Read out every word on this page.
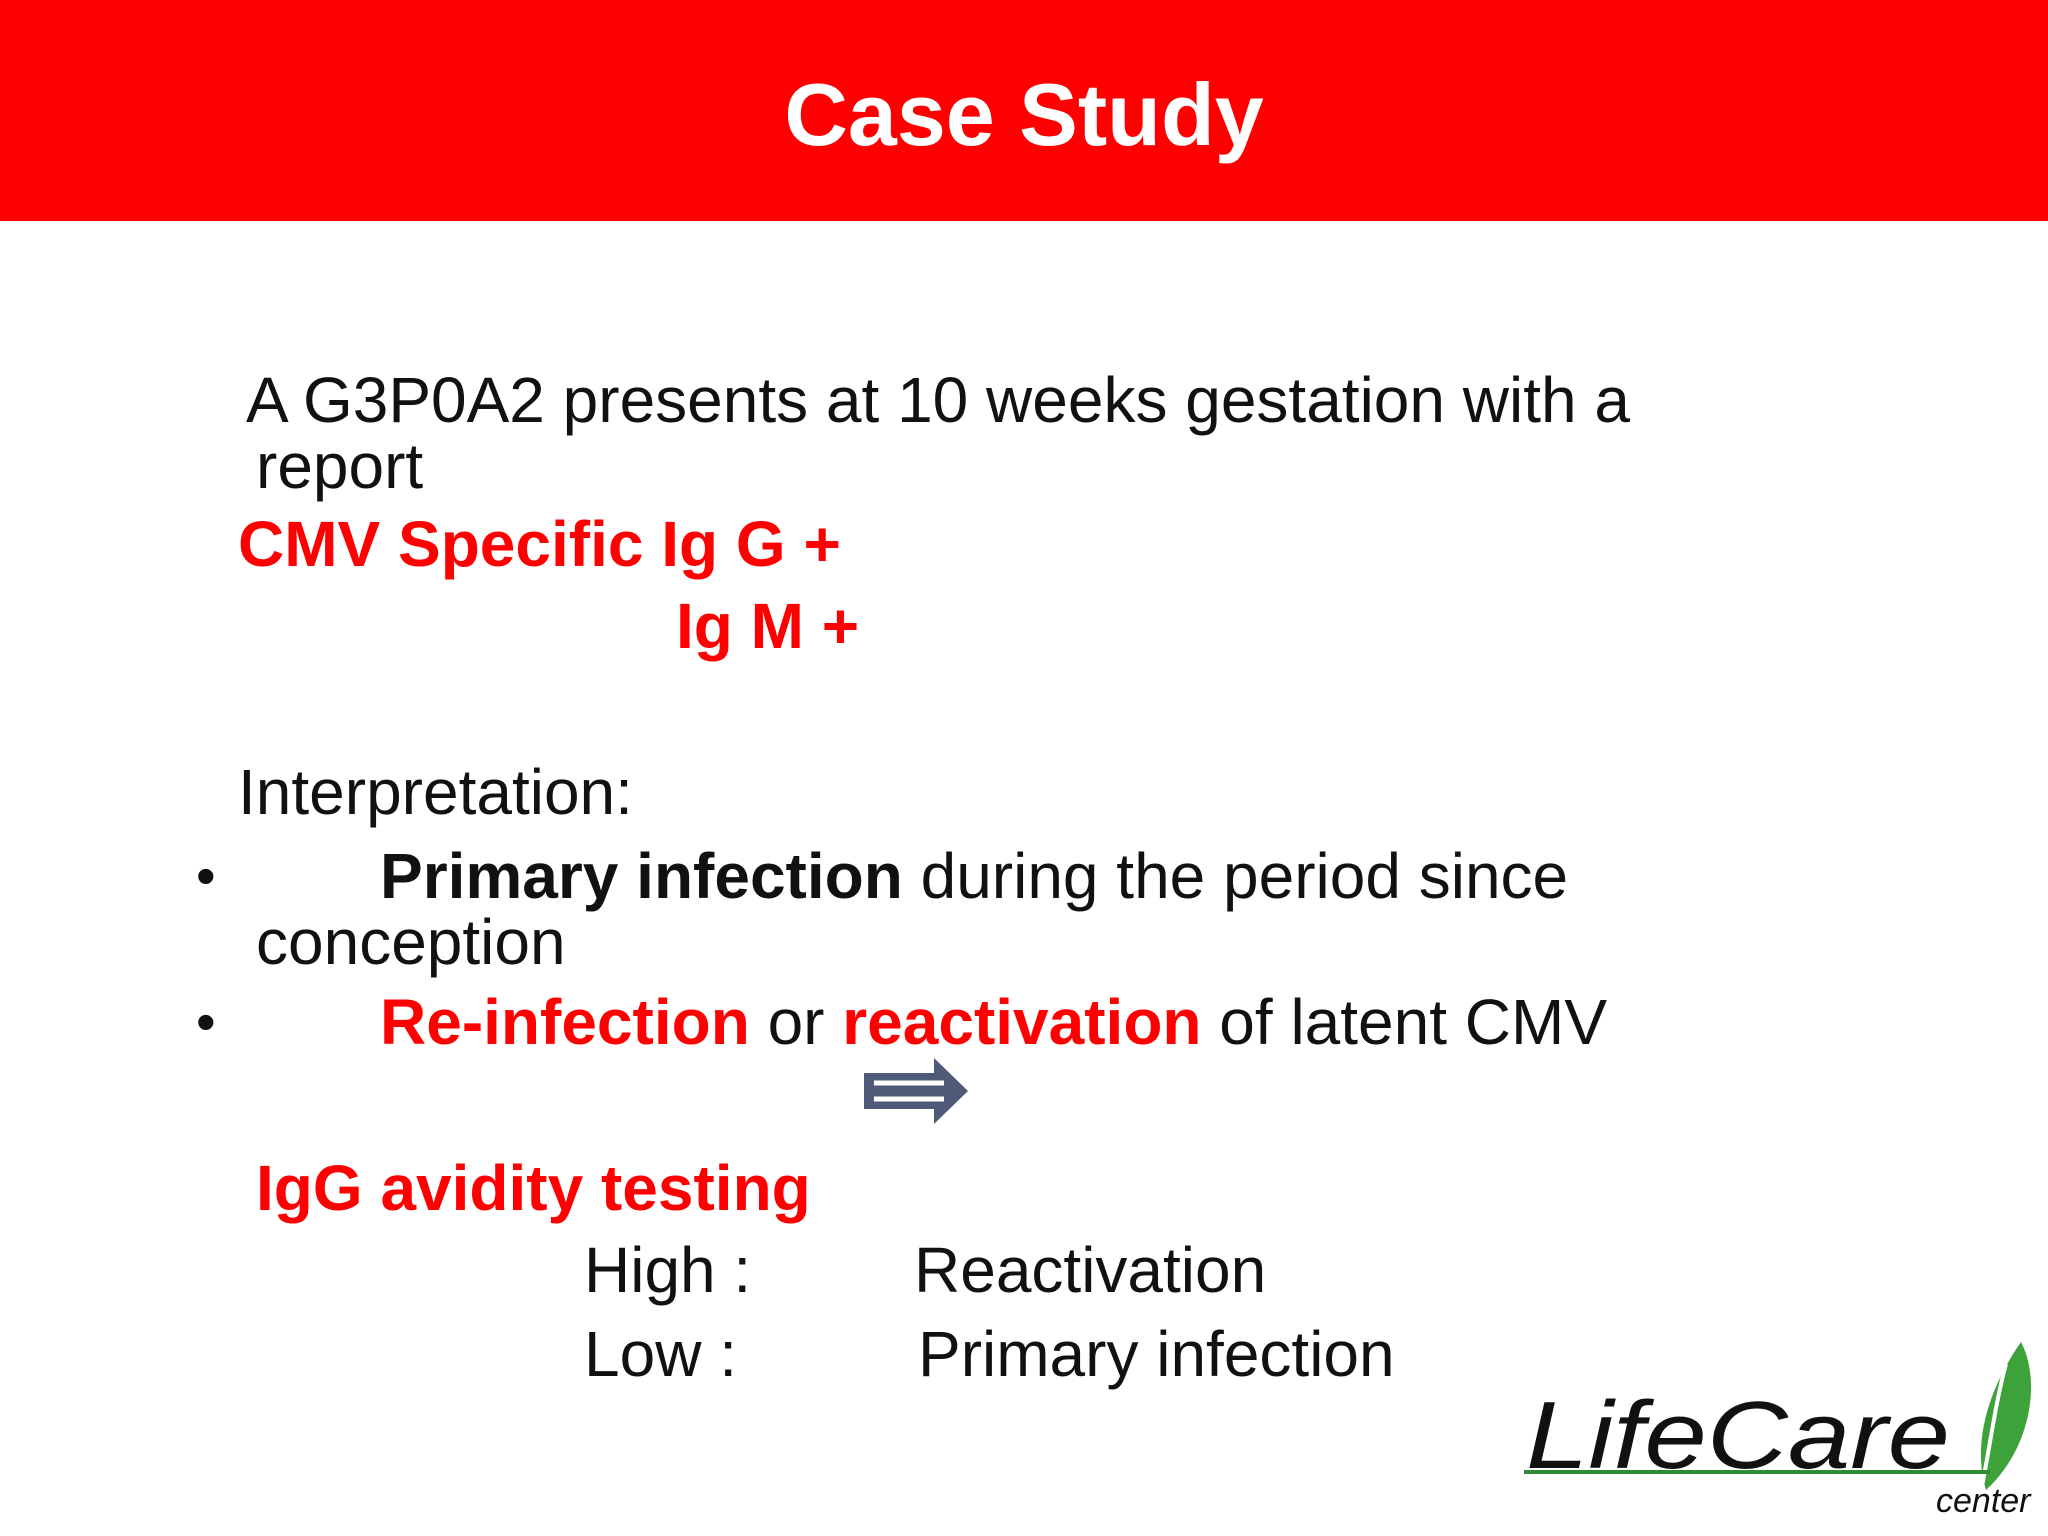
Case Study
A G3P0A2 presents at 10 weeks gestation with a
report
CMV Specific Ig G +
Ig M +
Interpretation:
•	Primary infection during the period since
conception
•	Re-infection or reactivation of latent CMV
IgG avidity testing
High :	Reactivation
Low :	Primary infection
LifeCare
center
